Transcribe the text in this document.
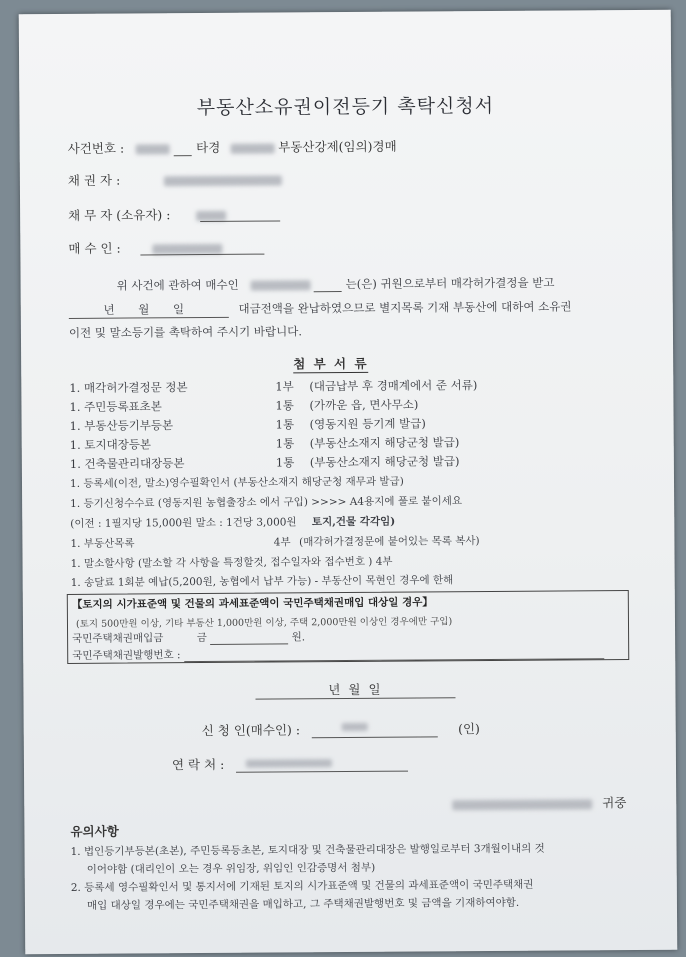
부동산소유권이전등기 촉탁신청서
사건번호 :	타경	부동산강제(임의)경매
채 권 자 :
채 무 자 (소유자) :
매 수 인 :
위 사건에 관하여 매수인	는(은) 귀원으로부터 매각허가결정을 받고
년 월 일	대금전액을 완납하였으므로 별지목록 기재 부동산에 대하여 소유권
이전 및 말소등기를 촉탁하여 주시기 바랍니다.
첨 부 서 류
1. 매각허가결정문 정본	1부 (대금납부 후 경매계에서 준 서류)
1. 주민등록표초본	1통 (가까운 읍, 면사무소)
1. 부동산등기부등본	1통 (영동지원 등기계 발급)
1. 토지대장등본	1통 (부동산소재지 해당군청 발급)
1. 건축물관리대장등본	1통 (부동산소재지 해당군청 발급)
1. 등록세(이전, 말소)영수필확인서 (부동산소재지 해당군청 재무과 발급)
1. 등기신청수수료 (영동지원 농협출장소 에서 구입) >>>> A4용지에 풀로 붙이세요
(이전 : 1필지당 15,000원 말소 : 1건당 3,000원 토지,건물 각각임)
1. 부동산목록	4부 (매각허가결정문에 붙어있는 목록 복사)
1. 말소할사항 (말소할 각 사항을 특정할것, 접수일자와 접수번호 ) 4부
1. 송달료 1회분 예납(5,200원, 농협에서 납부 가능) - 부동산이 목현인 경우에 한해
【토지의 시가표준액 및 건물의 과세표준액이 국민주택채권매입 대상일 경우】
(토지 500만원 이상, 기타 부동산 1,000만원 이상, 주택 2,000만원 이상인 경우에만 구입)
국민주택채권매입금	금	원.
국민주택채권발행번호 :
년 월 일
신 청 인(매수인) :	(인)
연 락 처 :
귀중
유의사항
1. 법인등기부등본(초본), 주민등록등초본, 토지대장 및 건축물관리대장은 발행일로부터 3개월이내의 것
이어야함 (대리인이 오는 경우 위임장, 위임인 인감증명서 첨부)
2. 등록세 영수필확인서 및 통지서에 기재된 토지의 시가표준액 및 건물의 과세표준액이 국민주택채권
매입 대상일 경우에는 국민주택채권을 매입하고, 그 주택채권발행번호 및 금액을 기재하여야함.
